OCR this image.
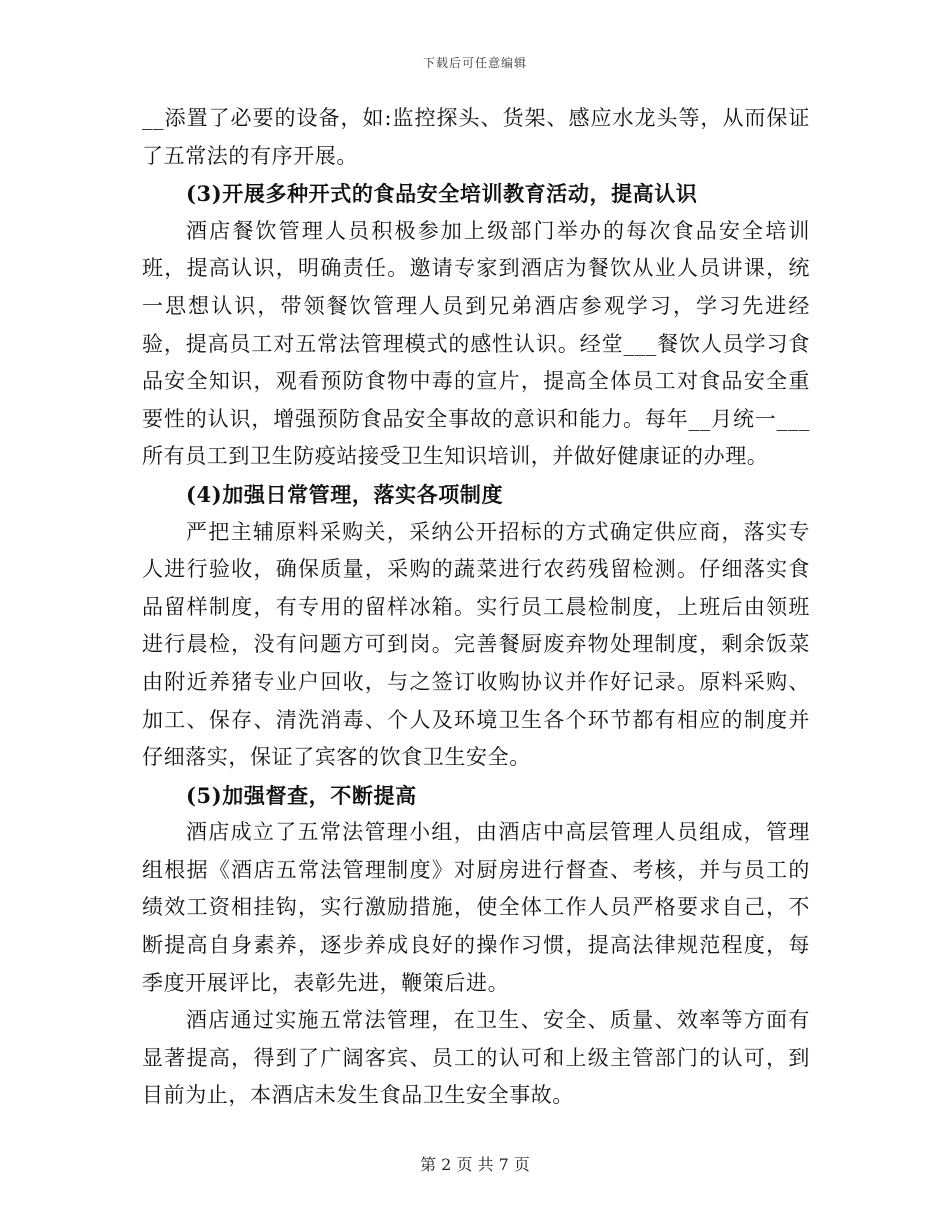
下载后可任意编辑

__添置了必要的设备，如:监控探头、货架、感应水龙头等，从而保证了五常法的有序开展。

(3)开展多种开式的食品安全培训教育活动，提高认识

酒店餐饮管理人员积极参加上级部门举办的每次食品安全培训班，提高认识，明确责任。邀请专家到酒店为餐饮从业人员讲课，统一思想认识，带领餐饮管理人员到兄弟酒店参观学习，学习先进经验，提高员工对五常法管理模式的感性认识。经堂___餐饮人员学习食品安全知识，观看预防食物中毒的宣片，提高全体员工对食品安全重要性的认识，增强预防食品安全事故的意识和能力。每年__月统一___所有员工到卫生防疫站接受卫生知识培训，并做好健康证的办理。

(4)加强日常管理，落实各项制度

严把主辅原料采购关，采纳公开招标的方式确定供应商，落实专人进行验收，确保质量，采购的蔬菜进行农药残留检测。仔细落实食品留样制度，有专用的留样冰箱。实行员工晨检制度，上班后由领班进行晨检，没有问题方可到岗。完善餐厨废弃物处理制度，剩余饭菜由附近养猪专业户回收，与之签订收购协议并作好记录。原料采购、加工、保存、清洗消毒、个人及环境卫生各个环节都有相应的制度并仔细落实，保证了宾客的饮食卫生安全。

(5)加强督查，不断提高

酒店成立了五常法管理小组，由酒店中高层管理人员组成，管理组根据《酒店五常法管理制度》对厨房进行督查、考核，并与员工的绩效工资相挂钩，实行激励措施，使全体工作人员严格要求自己，不断提高自身素养，逐步养成良好的操作习惯，提高法律规范程度，每季度开展评比，表彰先进，鞭策后进。

酒店通过实施五常法管理，在卫生、安全、质量、效率等方面有显著提高，得到了广阔客宾、员工的认可和上级主管部门的认可，到目前为止，本酒店未发生食品卫生安全事故。

第 2 页 共 7 页
